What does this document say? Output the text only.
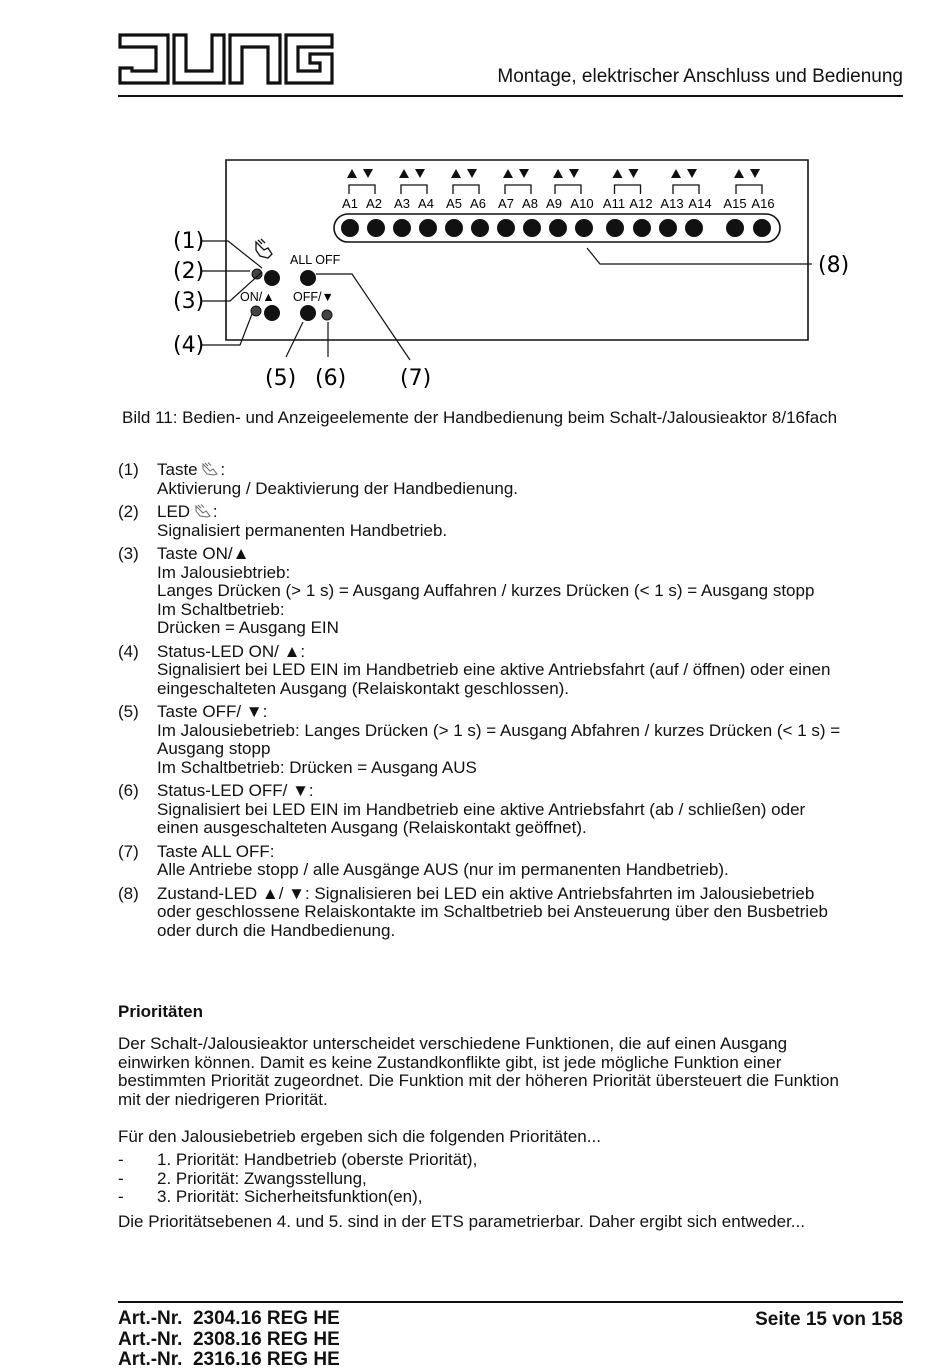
Montage, elektrischer Anschluss und Bedienung
A1 A2 A3 A4 A5 A6 A7 A8 A9 A10 A11 A12 A13 A14 A15 A16
ALL OFF
ON/▲ OFF/▼
(1)
(2)
(3)
(4)
(5) (6) (7)
(8)
Bild 11: Bedien- und Anzeigeelemente der Handbedienung beim Schalt-/Jalousieaktor 8/16fach
(1) Taste :
Aktivierung / Deaktivierung der Handbedienung.
(2) LED :
Signalisiert permanenten Handbetrieb.
(3) Taste ON/▲
Im Jalousiebtrieb:
Langes Drücken (> 1 s) = Ausgang Auffahren / kurzes Drücken (< 1 s) = Ausgang stopp
Im Schaltbetrieb:
Drücken = Ausgang EIN
(4) Status-LED ON/ ▲:
Signalisiert bei LED EIN im Handbetrieb eine aktive Antriebsfahrt (auf / öffnen) oder einen
eingeschalteten Ausgang (Relaiskontakt geschlossen).
(5) Taste OFF/ ▼:
Im Jalousiebetrieb: Langes Drücken (> 1 s) = Ausgang Abfahren / kurzes Drücken (< 1 s) =
Ausgang stopp
Im Schaltbetrieb: Drücken = Ausgang AUS
(6) Status-LED OFF/ ▼:
Signalisiert bei LED EIN im Handbetrieb eine aktive Antriebsfahrt (ab / schließen) oder
einen ausgeschalteten Ausgang (Relaiskontakt geöffnet).
(7) Taste ALL OFF:
Alle Antriebe stopp / alle Ausgänge AUS (nur im permanenten Handbetrieb).
(8) Zustand-LED ▲/ ▼: Signalisieren bei LED ein aktive Antriebsfahrten im Jalousiebetrieb
oder geschlossene Relaiskontakte im Schaltbetrieb bei Ansteuerung über den Busbetrieb
oder durch die Handbedienung.
Prioritäten
Der Schalt-/Jalousieaktor unterscheidet verschiedene Funktionen, die auf einen Ausgang
einwirken können. Damit es keine Zustandkonflikte gibt, ist jede mögliche Funktion einer
bestimmten Priorität zugeordnet. Die Funktion mit der höheren Priorität übersteuert die Funktion
mit der niedrigeren Priorität.
Für den Jalousiebetrieb ergeben sich die folgenden Prioritäten...
- 1. Priorität: Handbetrieb (oberste Priorität),
- 2. Priorität: Zwangsstellung,
- 3. Priorität: Sicherheitsfunktion(en),
Die Prioritätsebenen 4. und 5. sind in der ETS parametrierbar. Daher ergibt sich entweder...
Art.-Nr.  2304.16 REG HE
Art.-Nr.  2308.16 REG HE
Art.-Nr.  2316.16 REG HE
Seite 15 von 158
